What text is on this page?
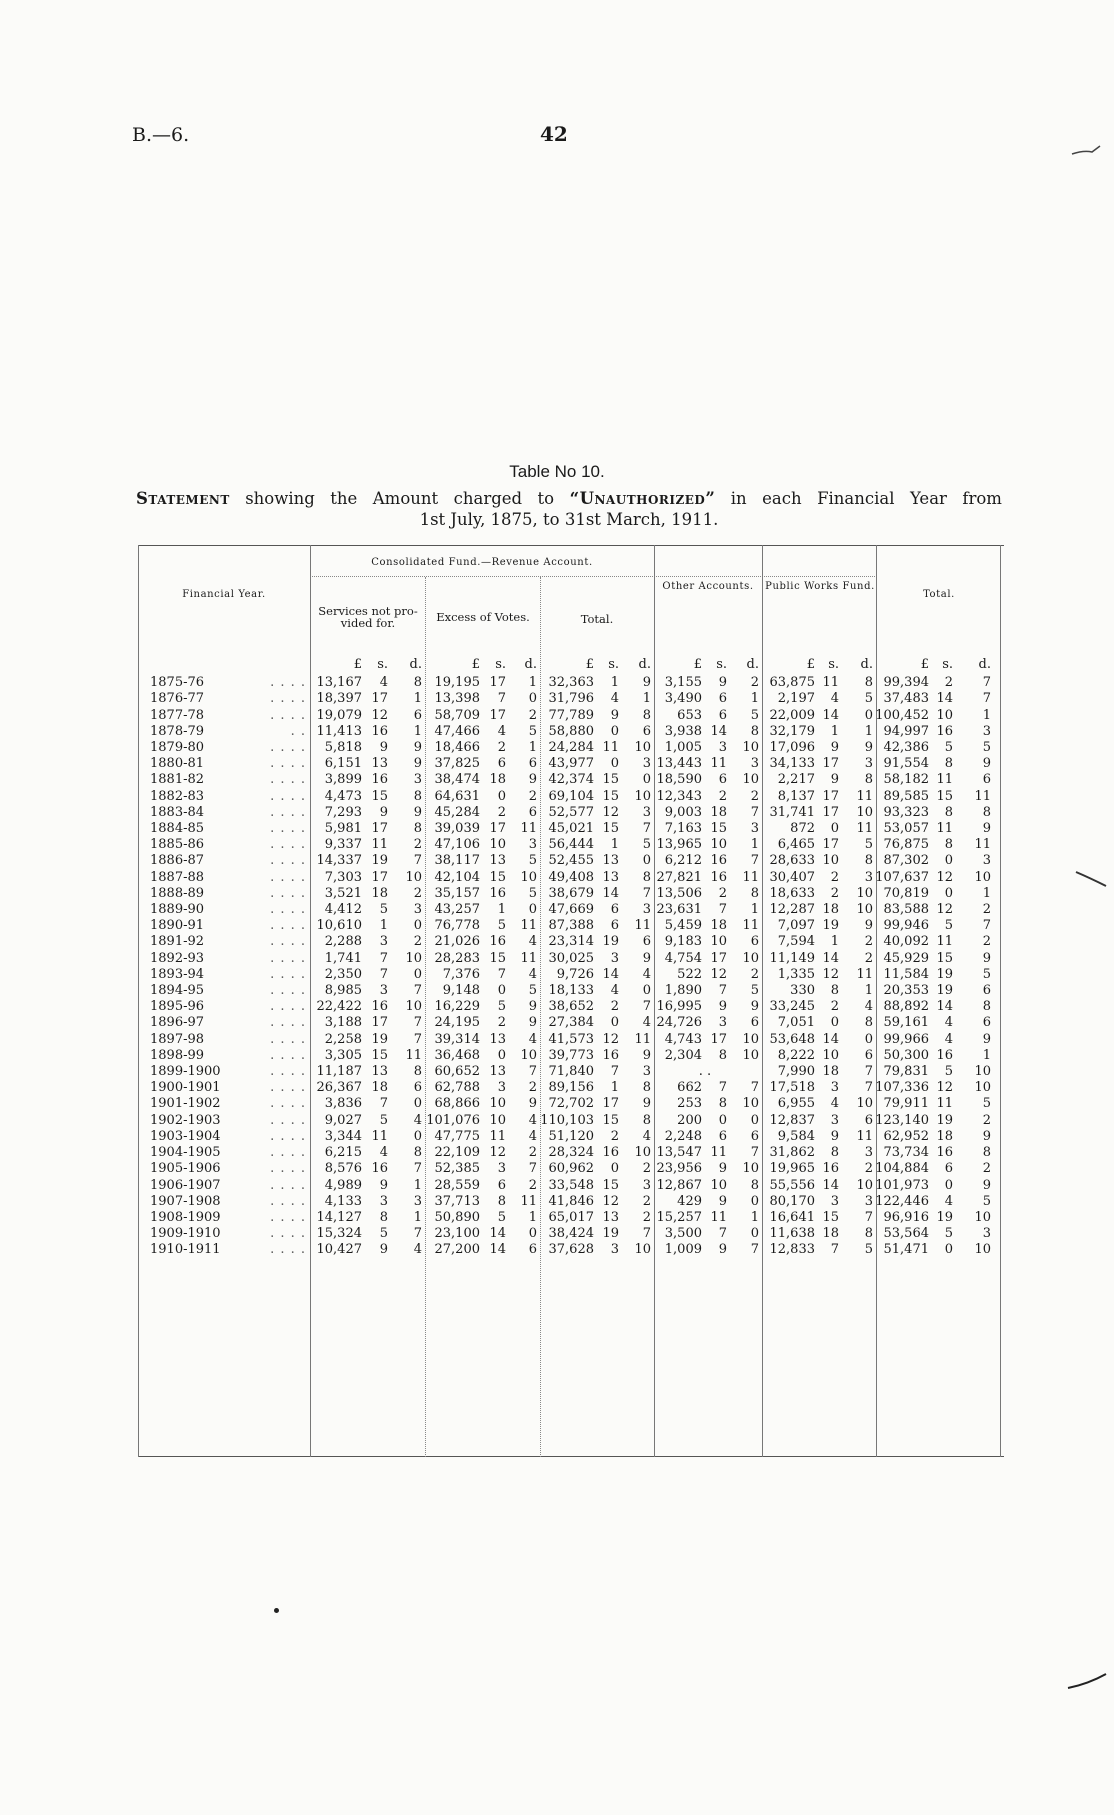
B.—6.	42
Table No 10.
Statement showing the Amount charged to “Unauthorized” in each Financial Year from
1st July, 1875, to 31st March, 1911.
Financial Year.
Consolidated Fund.—Revenue Account.
Services not pro-vided for.	Excess of Votes.	Total.
Other Accounts.	Public Works Fund.
Total.
		£	s.	d.	£	s.	d.	£	s.	d.	£	s.	d.	£	s.	d.	£	s.	d.
1875-76	. . . .	13,167	4	8	19,195	17	1	32,363	1	9	3,155	9	2	63,875	11	8	99,394	2	7
1876-77	. . . .	18,397	17	1	13,398	7	0	31,796	4	1	3,490	6	1	2,197	4	5	37,483	14	7
1877-78	. . . .	19,079	12	6	58,709	17	2	77,789	9	8	653	6	5	22,009	14	0	100,452	10	1
1878-79	. .	11,413	16	1	47,466	4	5	58,880	0	6	3,938	14	8	32,179	1	1	94,997	16	3
1879-80	. . . .	5,818	9	9	18,466	2	1	24,284	11	10	1,005	3	10	17,096	9	9	42,386	5	5
1880-81	. . . .	6,151	13	9	37,825	6	6	43,977	0	3	13,443	11	3	34,133	17	3	91,554	8	9
1881-82	. . . .	3,899	16	3	38,474	18	9	42,374	15	0	18,590	6	10	2,217	9	8	58,182	11	6
1882-83	. . . .	4,473	15	8	64,631	0	2	69,104	15	10	12,343	2	2	8,137	17	11	89,585	15	11
1883-84	. . . .	7,293	9	9	45,284	2	6	52,577	12	3	9,003	18	7	31,741	17	10	93,323	8	8
1884-85	. . . .	5,981	17	8	39,039	17	11	45,021	15	7	7,163	15	3	872	0	11	53,057	11	9
1885-86	. . . .	9,337	11	2	47,106	10	3	56,444	1	5	13,965	10	1	6,465	17	5	76,875	8	11
1886-87	. . . .	14,337	19	7	38,117	13	5	52,455	13	0	6,212	16	7	28,633	10	8	87,302	0	3
1887-88	. . . .	7,303	17	10	42,104	15	10	49,408	13	8	27,821	16	11	30,407	2	3	107,637	12	10
1888-89	. . . .	3,521	18	2	35,157	16	5	38,679	14	7	13,506	2	8	18,633	2	10	70,819	0	1
1889-90	. . . .	4,412	5	3	43,257	1	0	47,669	6	3	23,631	7	1	12,287	18	10	83,588	12	2
1890-91	. . . .	10,610	1	0	76,778	5	11	87,388	6	11	5,459	18	11	7,097	19	9	99,946	5	7
1891-92	. . . .	2,288	3	2	21,026	16	4	23,314	19	6	9,183	10	6	7,594	1	2	40,092	11	2
1892-93	. . . .	1,741	7	10	28,283	15	11	30,025	3	9	4,754	17	10	11,149	14	2	45,929	15	9
1893-94	. . . .	2,350	7	0	7,376	7	4	9,726	14	4	522	12	2	1,335	12	11	11,584	19	5
1894-95	. . . .	8,985	3	7	9,148	0	5	18,133	4	0	1,890	7	5	330	8	1	20,353	19	6
1895-96	. . . .	22,422	16	10	16,229	5	9	38,652	2	7	16,995	9	9	33,245	2	4	88,892	14	8
1896-97	. . . .	3,188	17	7	24,195	2	9	27,384	0	4	24,726	3	6	7,051	0	8	59,161	4	6
1897-98	. . . .	2,258	19	7	39,314	13	4	41,573	12	11	4,743	17	10	53,648	14	0	99,966	4	9
1898-99	. . . .	3,305	15	11	36,468	0	10	39,773	16	9	2,304	8	10	8,222	10	6	50,300	16	1
1899-1900	. . . .	11,187	13	8	60,652	13	7	71,840	7	3	. .			7,990	18	7	79,831	5	10
1900-1901	. . . .	26,367	18	6	62,788	3	2	89,156	1	8	662	7	7	17,518	3	7	107,336	12	10
1901-1902	. . . .	3,836	7	0	68,866	10	9	72,702	17	9	253	8	10	6,955	4	10	79,911	11	5
1902-1903	. . . .	9,027	5	4	101,076	10	4	110,103	15	8	200	0	0	12,837	3	6	123,140	19	2
1903-1904	. . . .	3,344	11	0	47,775	11	4	51,120	2	4	2,248	6	6	9,584	9	11	62,952	18	9
1904-1905	. . . .	6,215	4	8	22,109	12	2	28,324	16	10	13,547	11	7	31,862	8	3	73,734	16	8
1905-1906	. . . .	8,576	16	7	52,385	3	7	60,962	0	2	23,956	9	10	19,965	16	2	104,884	6	2
1906-1907	. . . .	4,989	9	1	28,559	6	2	33,548	15	3	12,867	10	8	55,556	14	10	101,973	0	9
1907-1908	. . . .	4,133	3	3	37,713	8	11	41,846	12	2	429	9	0	80,170	3	3	122,446	4	5
1908-1909	. . . .	14,127	8	1	50,890	5	1	65,017	13	2	15,257	11	1	16,641	15	7	96,916	19	10
1909-1910	. . . .	15,324	5	7	23,100	14	0	38,424	19	7	3,500	7	0	11,638	18	8	53,564	5	3
1910-1911	. . . .	10,427	9	4	27,200	14	6	37,628	3	10	1,009	9	7	12,833	7	5	51,471	0	10
